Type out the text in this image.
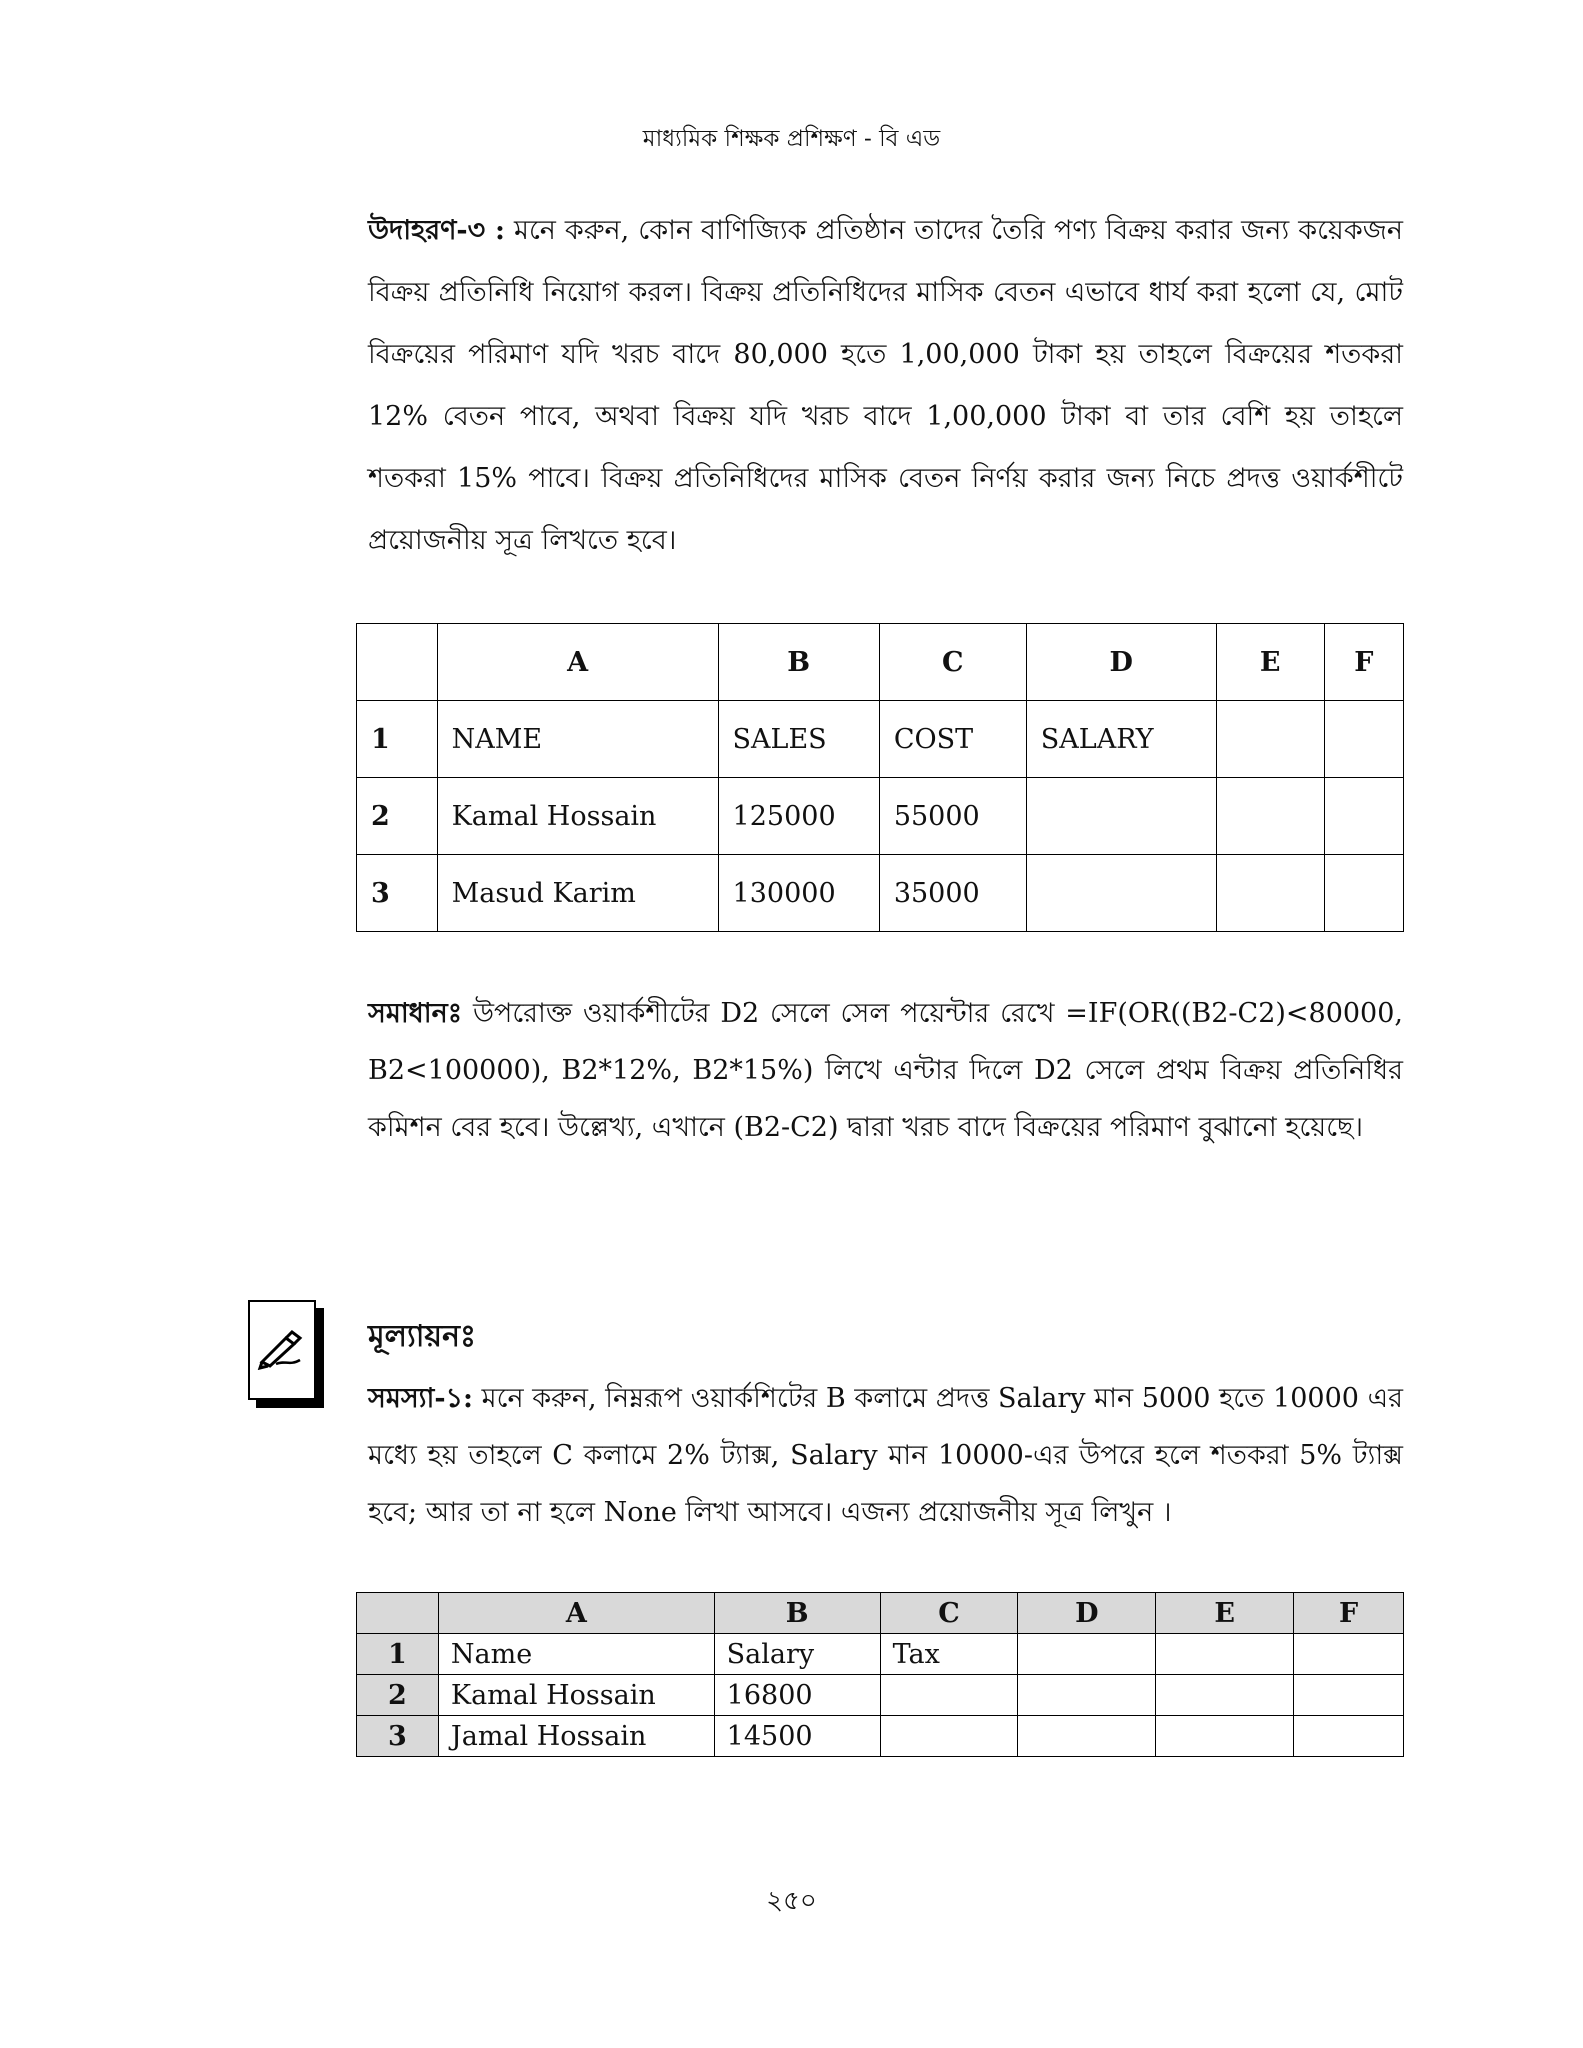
মাধ্যমিক শিক্ষক প্রশিক্ষণ - বি এড
উদাহরণ-৩ : মনে করুন, কোন বাণিজ্যিক প্রতিষ্ঠান তাদের তৈরি পণ্য বিক্রয় করার জন্য কয়েকজন বিক্রয় প্রতিনিধি নিয়োগ করল। বিক্রয় প্রতিনিধিদের মাসিক বেতন এভাবে ধার্য করা হলো যে, মোট বিক্রয়ের পরিমাণ যদি খরচ বাদে 80,000 হতে 1,00,000 টাকা হয় তাহলে বিক্রয়ের শতকরা 12% বেতন পাবে, অথবা বিক্রয় যদি খরচ বাদে 1,00,000 টাকা বা তার বেশি হয় তাহলে শতকরা 15% পাবে। বিক্রয় প্রতিনিধিদের মাসিক বেতন নির্ণয় করার জন্য নিচে প্রদত্ত ওয়ার্কশীটে প্রয়োজনীয় সূত্র লিখতে হবে।
	A	B	C	D	E	F
1	NAME	SALES	COST	SALARY		
2	Kamal Hossain	125000	55000			
3	Masud Karim	130000	35000			
সমাধানঃ উপরোক্ত ওয়ার্কশীটের D2 সেলে সেল পয়েন্টার রেখে =IF(OR((B2-C2)<80000, B2<100000), B2*12%, B2*15%) লিখে এন্টার দিলে D2 সেলে প্রথম বিক্রয় প্রতিনিধির কমিশন বের হবে। উল্লেখ্য, এখানে (B2-C2) দ্বারা খরচ বাদে বিক্রয়ের পরিমাণ বুঝানো হয়েছে।
মূল্যায়নঃ
সমস্যা-১: মনে করুন, নিম্নরূপ ওয়ার্কশিটের B কলামে প্রদত্ত Salary মান 5000 হতে 10000 এর মধ্যে হয় তাহলে C কলামে 2% ট্যাক্স, Salary মান 10000-এর উপরে হলে শতকরা 5% ট্যাক্স হবে; আর তা না হলে None লিখা আসবে। এজন্য প্রয়োজনীয় সূত্র লিখুন ।
	A	B	C	D	E	F
1	Name	Salary	Tax			
2	Kamal Hossain	16800				
3	Jamal Hossain	14500				
২৫০
